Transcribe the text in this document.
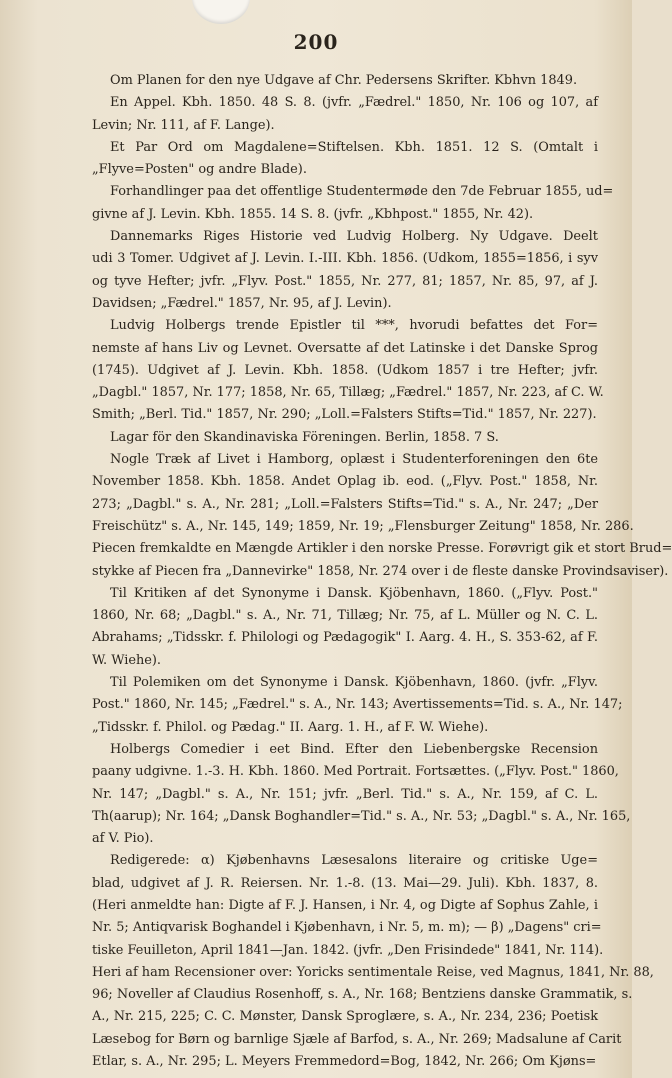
200
Om Planen for den nye Udgave af Chr. Pedersens Skrifter. Kbhvn 1849.
En Appel. Kbh. 1850. 48 S. 8. (jvfr. „Fædrel." 1850, Nr. 106 og 107, af
Levin; Nr. 111, af F. Lange).
Et Par Ord om Magdalene=Stiftelsen. Kbh. 1851. 12 S. (Omtalt i
„Flyve=Posten" og andre Blade).
Forhandlinger paa det offentlige Studentermøde den 7de Februar 1855, ud=
givne af J. Levin. Kbh. 1855. 14 S. 8. (jvfr. „Kbhpost." 1855, Nr. 42).
Dannemarks Riges Historie ved Ludvig Holberg. Ny Udgave. Deelt
udi 3 Tomer. Udgivet af J. Levin. I.-III. Kbh. 1856. (Udkom, 1855=1856, i syv
og tyve Hefter; jvfr. „Flyv. Post." 1855, Nr. 277, 81; 1857, Nr. 85, 97, af J.
Davidsen; „Fædrel." 1857, Nr. 95, af J. Levin).
Ludvig Holbergs trende Epistler til ***, hvorudi befattes det For=
nemste af hans Liv og Levnet. Oversatte af det Latinske i det Danske Sprog
(1745). Udgivet af J. Levin. Kbh. 1858. (Udkom 1857 i tre Hefter; jvfr.
„Dagbl." 1857, Nr. 177; 1858, Nr. 65, Tillæg; „Fædrel." 1857, Nr. 223, af C. W.
Smith; „Berl. Tid." 1857, Nr. 290; „Loll.=Falsters Stifts=Tid." 1857, Nr. 227).
Lagar för den Skandinaviska Föreningen. Berlin, 1858. 7 S.
Nogle Træk af Livet i Hamborg, oplæst i Studenterforeningen den 6te
November 1858. Kbh. 1858. Andet Oplag ib. eod. („Flyv. Post." 1858, Nr.
273; „Dagbl." s. A., Nr. 281; „Loll.=Falsters Stifts=Tid." s. A., Nr. 247; „Der
Freischütz" s. A., Nr. 145, 149; 1859, Nr. 19; „Flensburger Zeitung" 1858, Nr. 286.
Piecen fremkaldte en Mængde Artikler i den norske Presse. Forøvrigt gik et stort Brud=
stykke af Piecen fra „Dannevirke" 1858, Nr. 274 over i de fleste danske Provindsaviser).
Til Kritiken af det Synonyme i Dansk. Kjöbenhavn, 1860. („Flyv. Post."
1860, Nr. 68; „Dagbl." s. A., Nr. 71, Tillæg; Nr. 75, af L. Müller og N. C. L.
Abrahams; „Tidsskr. f. Philologi og Pædagogik" I. Aarg. 4. H., S. 353-62, af F.
W. Wiehe).
Til Polemiken om det Synonyme i Dansk. Kjöbenhavn, 1860. (jvfr. „Flyv.
Post." 1860, Nr. 145; „Fædrel." s. A., Nr. 143; Avertissements=Tid. s. A., Nr. 147;
„Tidsskr. f. Philol. og Pædag." II. Aarg. 1. H., af F. W. Wiehe).
Holbergs Comedier i eet Bind. Efter den Liebenbergske Recension
paany udgivne. 1.-3. H. Kbh. 1860. Med Portrait. Fortsættes. („Flyv. Post." 1860,
Nr. 147; „Dagbl." s. A., Nr. 151; jvfr. „Berl. Tid." s. A., Nr. 159, af C. L.
Th(aarup); Nr. 164; „Dansk Boghandler=Tid." s. A., Nr. 53; „Dagbl." s. A., Nr. 165,
af V. Pio).
Redigerede: α) Kjøbenhavns Læsesalons literaire og critiske Uge=
blad, udgivet af J. R. Reiersen. Nr. 1.-8. (13. Mai—29. Juli). Kbh. 1837, 8.
(Heri anmeldte han: Digte af F. J. Hansen, i Nr. 4, og Digte af Sophus Zahle, i
Nr. 5; Antiqvarisk Boghandel i Kjøbenhavn, i Nr. 5, m. m); — β) „Dagens" cri=
tiske Feuilleton, April 1841—Jan. 1842. (jvfr. „Den Frisindede" 1841, Nr. 114).
Heri af ham Recensioner over: Yoricks sentimentale Reise, ved Magnus, 1841, Nr. 88,
96; Noveller af Claudius Rosenhoff, s. A., Nr. 168; Bentziens danske Grammatik, s.
A., Nr. 215, 225; C. C. Mønster, Dansk Sproglære, s. A., Nr. 234, 236; Poetisk
Læsebog for Børn og barnlige Sjæle af Barfod, s. A., Nr. 269; Madsalune af Carit
Etlar, s. A., Nr. 295; L. Meyers Fremmedord=Bog, 1842, Nr. 266; Om Kjøns=
